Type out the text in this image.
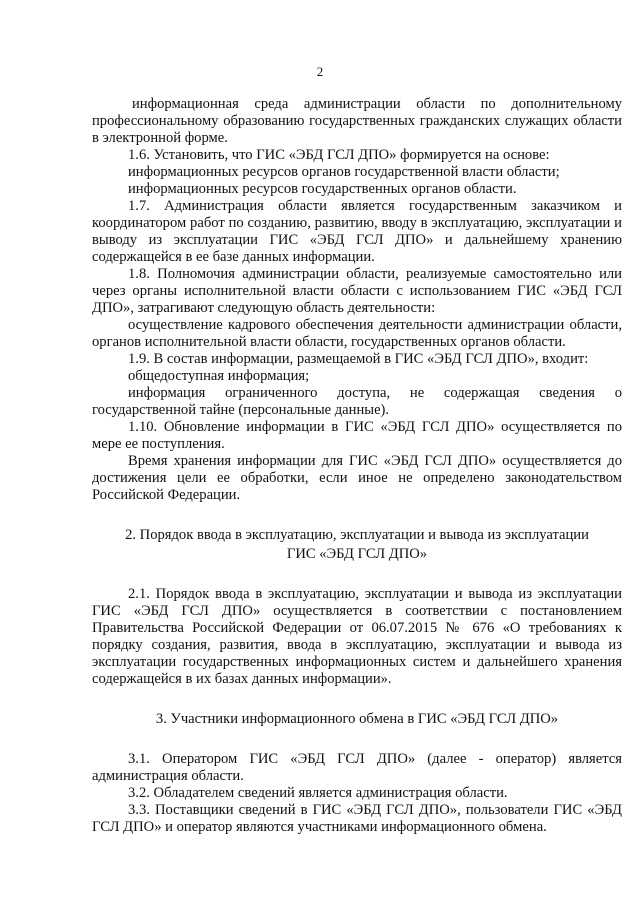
2

информационная среда администрации области по дополнительному профессиональному образованию государственных гражданских служащих области в электронной форме.

1.6. Установить, что ГИС «ЭБД ГСЛ ДПО» формируется на основе:

информационных ресурсов органов государственной власти области;

информационных ресурсов государственных органов области.

1.7. Администрация области является государственным заказчиком и координатором работ по созданию, развитию, вводу в эксплуатацию, эксплуатации и выводу из эксплуатации ГИС «ЭБД ГСЛ ДПО» и дальнейшему хранению содержащейся в ее базе данных информации.

1.8. Полномочия администрации области, реализуемые самостоятельно или через органы исполнительной власти области с использованием ГИС «ЭБД ГСЛ ДПО», затрагивают следующую область деятельности:

осуществление кадрового обеспечения деятельности администрации области, органов исполнительной власти области, государственных органов области.

1.9. В состав информации, размещаемой в ГИС «ЭБД ГСЛ ДПО», входит:

общедоступная информация;

информация ограниченного доступа, не содержащая сведения о государственной тайне (персональные данные).

1.10. Обновление информации в ГИС «ЭБД ГСЛ ДПО» осуществляется по мере ее поступления.

Время хранения информации для ГИС «ЭБД ГСЛ ДПО» осуществляется до достижения цели ее обработки, если иное не определено законодательством Российской Федерации.

2. Порядок ввода в эксплуатацию, эксплуатации и вывода из эксплуатации
ГИС «ЭБД ГСЛ ДПО»

2.1. Порядок ввода в эксплуатацию, эксплуатации и вывода из эксплуатации ГИС «ЭБД ГСЛ ДПО» осуществляется в соответствии с постановлением Правительства Российской Федерации от 06.07.2015 № 676 «О требованиях к порядку создания, развития, ввода в эксплуатацию, эксплуатации и вывода из эксплуатации государственных информационных систем и дальнейшего хранения содержащейся в их базах данных информации».

3. Участники информационного обмена в ГИС «ЭБД ГСЛ ДПО»

3.1. Оператором ГИС «ЭБД ГСЛ ДПО» (далее - оператор) является администрация области.

3.2. Обладателем сведений является администрация области.

3.3. Поставщики сведений в ГИС «ЭБД ГСЛ ДПО», пользователи ГИС «ЭБД ГСЛ ДПО» и оператор являются участниками информационного обмена.
